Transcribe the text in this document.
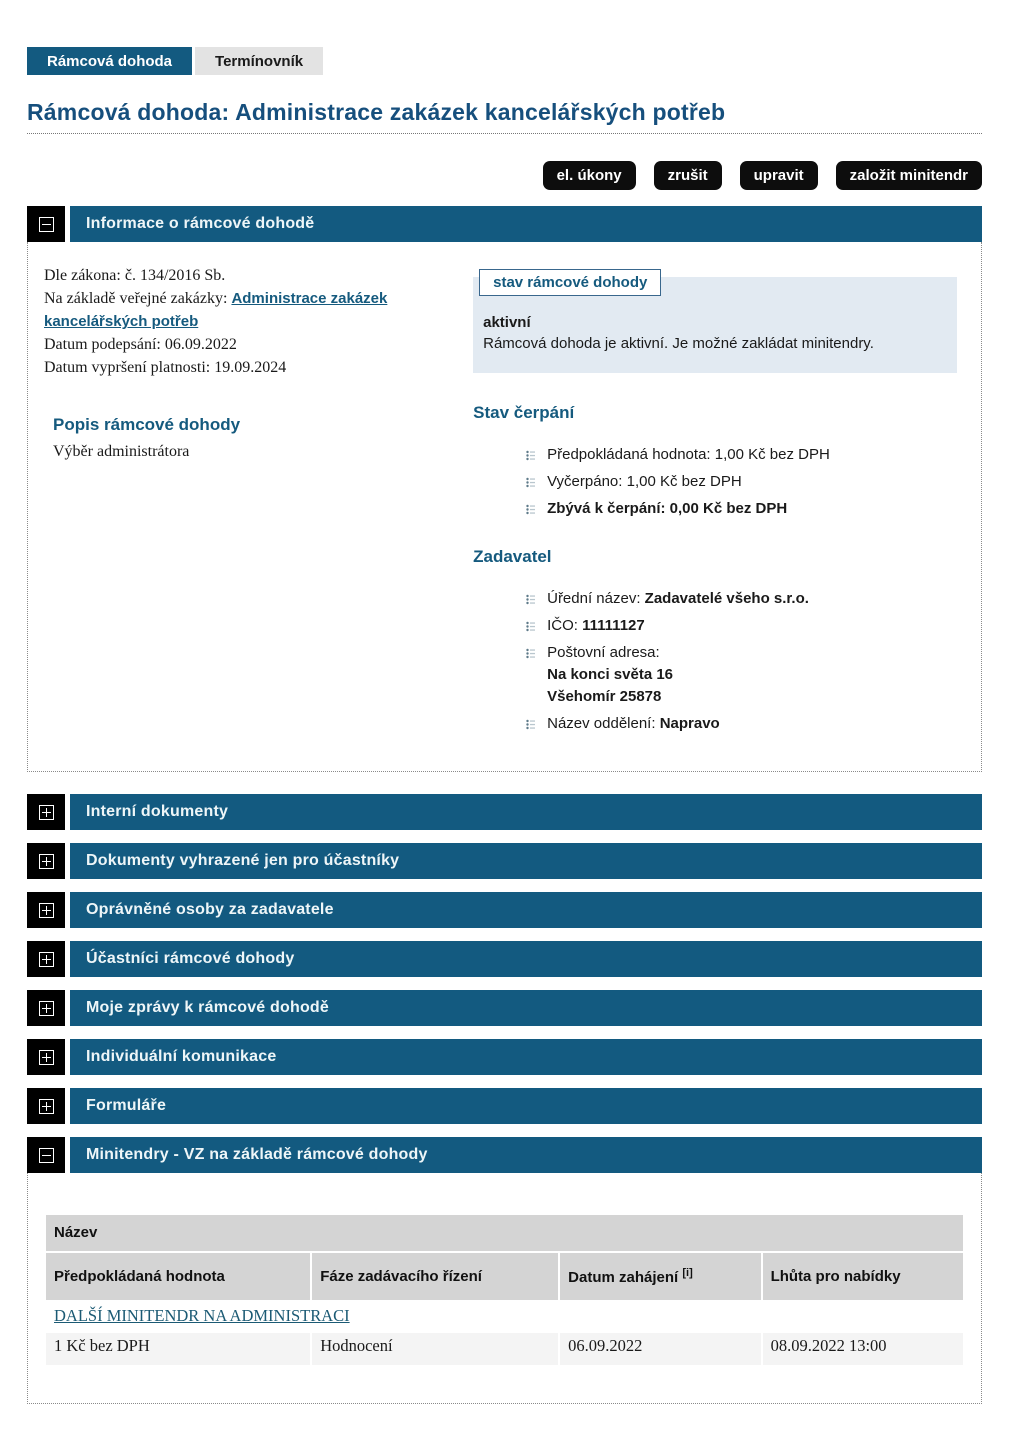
Rámcová dohoda	Termínovník
Rámcová dohoda: Administrace zakázek kancelářských potřeb
el. úkony	zrušit	upravit	založit minitendr
Informace o rámcové dohodě
Dle zákona: č. 134/2016 Sb.
Na základě veřejné zakázky: Administrace zakázek kancelářských potřeb
Datum podepsání: 06.09.2022
Datum vypršení platnosti: 19.09.2024
Popis rámcové dohody
Výběr administrátora
stav rámcové dohody
aktivní
Rámcová dohoda je aktivní. Je možné zakládat minitendry.
Stav čerpání
Předpokládaná hodnota: 1,00 Kč bez DPH
Vyčerpáno: 1,00 Kč bez DPH
Zbývá k čerpání: 0,00 Kč bez DPH
Zadavatel
Úřední název: Zadavatelé všeho s.r.o.
IČO: 11111127
Poštovní adresa:
Na konci světa 16
Všehomír 25878
Název oddělení: Napravo
Interní dokumenty
Dokumenty vyhrazené jen pro účastníky
Oprávněné osoby za zadavatele
Účastníci rámcové dohody
Moje zprávy k rámcové dohodě
Individuální komunikace
Formuláře
Minitendry - VZ na základě rámcové dohody
Název			
Předpokládaná hodnota	Fáze zadávacího řízení	Datum zahájení [i]	Lhůta pro nabídky
DALŠÍ MINITENDR NA ADMINISTRACI			
1 Kč bez DPH	Hodnocení	06.09.2022	08.09.2022 13:00
